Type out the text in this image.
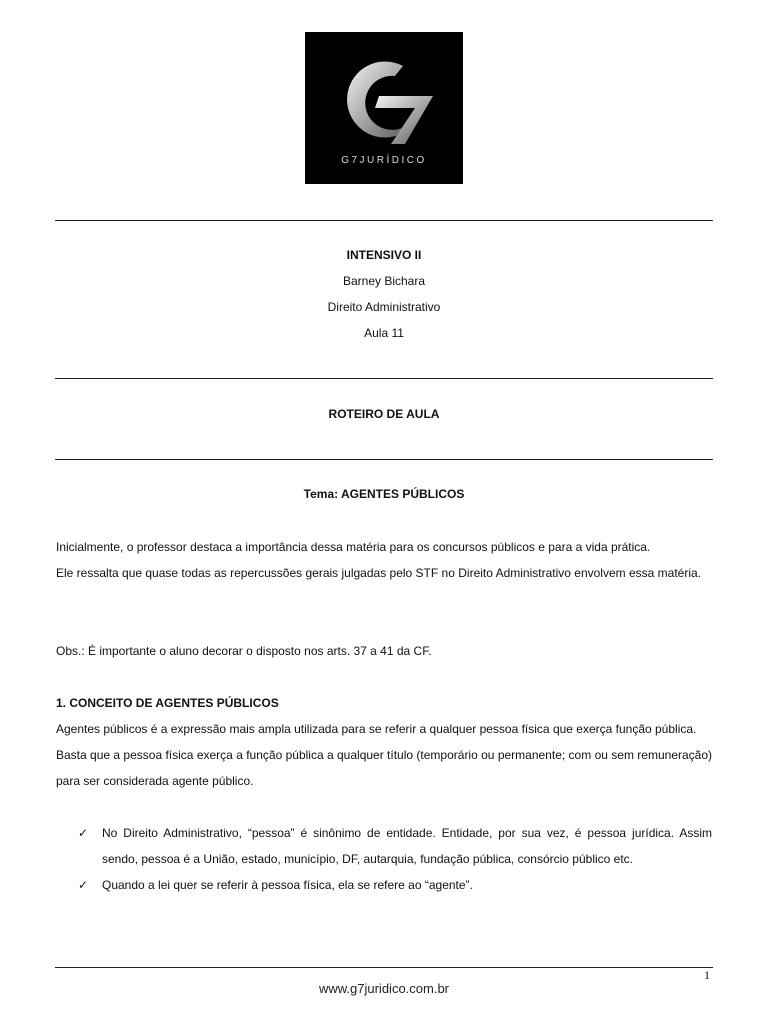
G7JURÍDICO
INTENSIVO II
Barney Bichara
Direito Administrativo
Aula 11
ROTEIRO DE AULA
Tema: AGENTES PÚBLICOS

Inicialmente, o professor destaca a importância dessa matéria para os concursos públicos e para a vida prática.

Ele ressalta que quase todas as repercussões gerais julgadas pelo STF no Direito Administrativo envolvem essa matéria.

Obs.: É importante o aluno decorar o disposto nos arts. 37 a 41 da CF.

1. CONCEITO DE AGENTES PÚBLICOS

Agentes públicos é a expressão mais ampla utilizada para se referir a qualquer pessoa física que exerça função pública.

Basta que a pessoa física exerça a função pública a qualquer título (temporário ou permanente; com ou sem remuneração) para ser considerada agente público.

✓ No Direito Administrativo, “pessoa” é sinônimo de entidade. Entidade, por sua vez, é pessoa jurídica. Assim sendo, pessoa é a União, estado, município, DF, autarquia, fundação pública, consórcio público etc.
✓ Quando a lei quer se referir à pessoa física, ela se refere ao “agente”.
1
www.g7juridico.com.br
